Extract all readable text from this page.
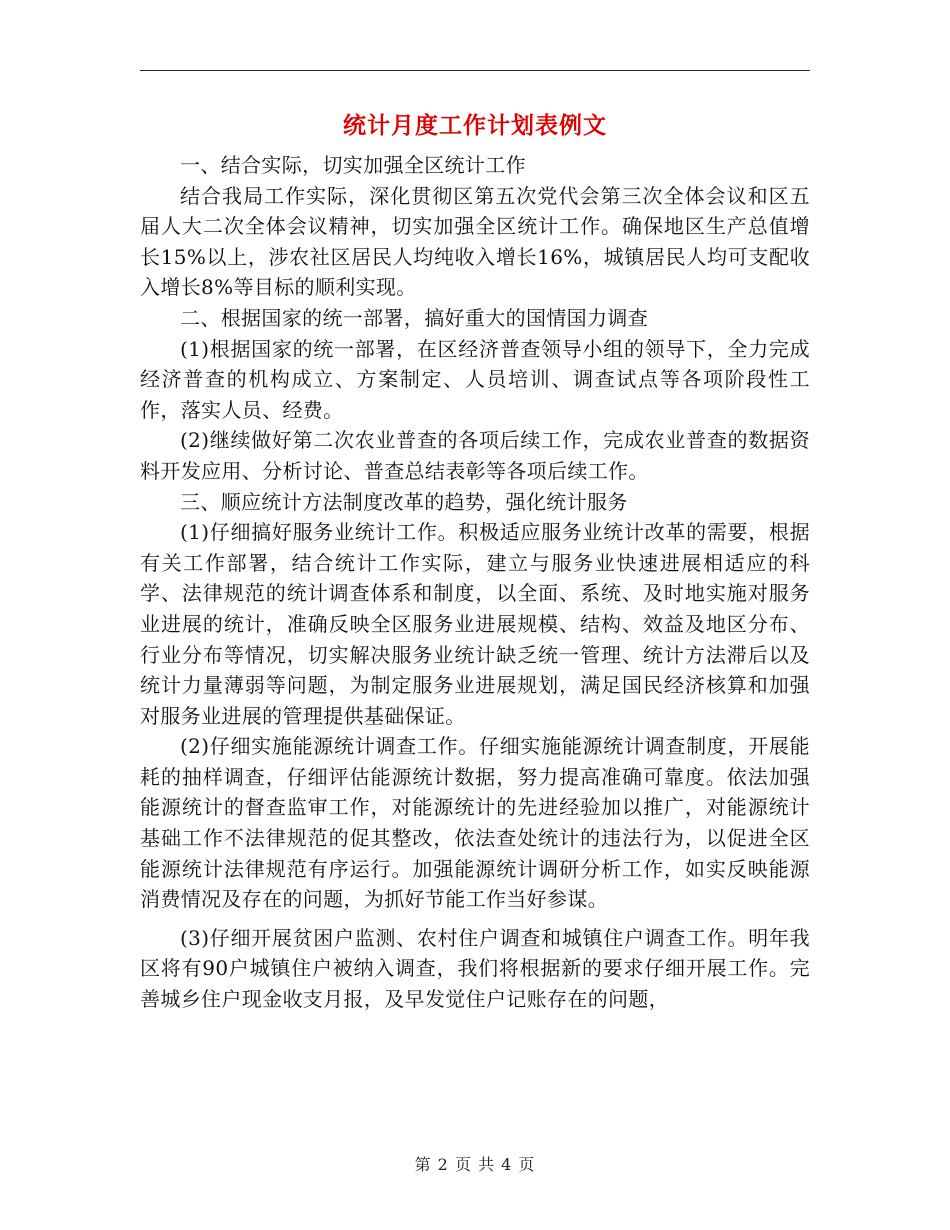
统计月度工作计划表例文

一、结合实际，切实加强全区统计工作

结合我局工作实际，深化贯彻区第五次党代会第三次全体会议和区五届人大二次全体会议精神，切实加强全区统计工作。确保地区生产总值增长15%以上，涉农社区居民人均纯收入增长16%，城镇居民人均可支配收入增长8%等目标的顺利实现。

二、根据国家的统一部署，搞好重大的国情国力调查

(1)根据国家的统一部署，在区经济普查领导小组的领导下，全力完成经济普查的机构成立、方案制定、人员培训、调查试点等各项阶段性工作，落实人员、经费。

(2)继续做好第二次农业普查的各项后续工作，完成农业普查的数据资料开发应用、分析讨论、普查总结表彰等各项后续工作。

三、顺应统计方法制度改革的趋势，强化统计服务

(1)仔细搞好服务业统计工作。积极适应服务业统计改革的需要，根据有关工作部署，结合统计工作实际，建立与服务业快速进展相适应的科学、法律规范的统计调查体系和制度，以全面、系统、及时地实施对服务业进展的统计，准确反映全区服务业进展规模、结构、效益及地区分布、行业分布等情况，切实解决服务业统计缺乏统一管理、统计方法滞后以及统计力量薄弱等问题，为制定服务业进展规划，满足国民经济核算和加强对服务业进展的管理提供基础保证。

(2)仔细实施能源统计调查工作。仔细实施能源统计调查制度，开展能耗的抽样调查，仔细评估能源统计数据，努力提高准确可靠度。依法加强能源统计的督查监审工作，对能源统计的先进经验加以推广，对能源统计基础工作不法律规范的促其整改，依法查处统计的违法行为，以促进全区能源统计法律规范有序运行。加强能源统计调研分析工作，如实反映能源消费情况及存在的问题，为抓好节能工作当好参谋。

(3)仔细开展贫困户监测、农村住户调查和城镇住户调查工作。明年我区将有90户城镇住户被纳入调查，我们将根据新的要求仔细开展工作。完善城乡住户现金收支月报，及早发觉住户记账存在的问题，

第 2 页 共 4 页
